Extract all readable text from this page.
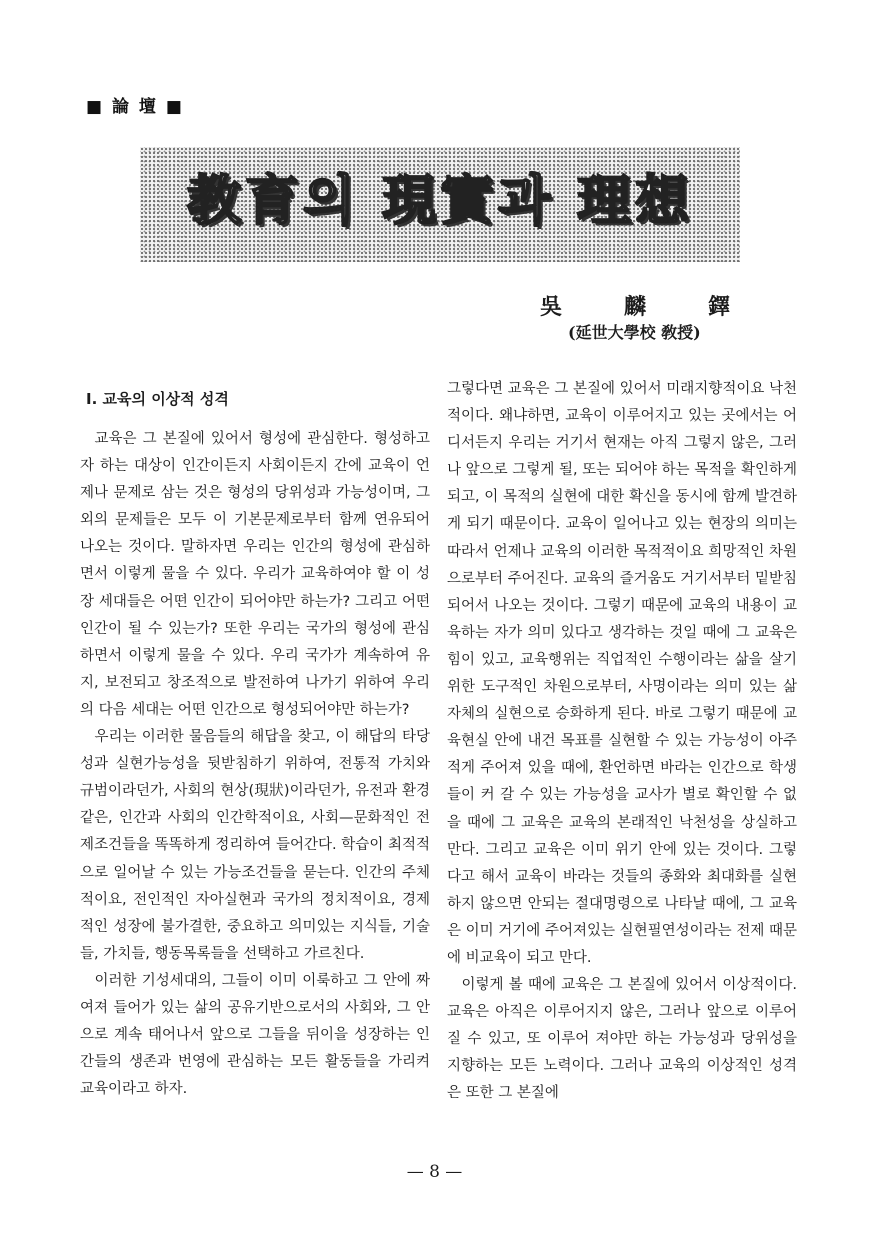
■ 論 壇 ■
教育의 現實과 理想
吳	麟	鐸
(延世大學校 敎授)
I. 교육의 이상적 성격

교육은 그 본질에 있어서 형성에 관심한다. 형성하고자 하는 대상이 인간이든지 사회이든지 간에 교육이 언제나 문제로 삼는 것은 형성의 당위성과 가능성이며, 그 외의 문제들은 모두 이 기본문제로부터 함께 연유되어 나오는 것이다. 말하자면 우리는 인간의 형성에 관심하면서 이렇게 물을 수 있다. 우리가 교육하여야 할 이 성장 세대들은 어떤 인간이 되어야만 하는가? 그리고 어떤 인간이 될 수 있는가? 또한 우리는 국가의 형성에 관심하면서 이렇게 물을 수 있다. 우리 국가가 계속하여 유지, 보전되고 창조적으로 발전하여 나가기 위하여 우리의 다음 세대는 어떤 인간으로 형성되어야만 하는가?

우리는 이러한 물음들의 해답을 찾고, 이 해답의 타당성과 실현가능성을 뒷받침하기 위하여, 전통적 가치와 규범이라던가, 사회의 현상(現狀)이라던가, 유전과 환경같은, 인간과 사회의 인간학적이요, 사회—문화적인 전제조건들을 똑똑하게 정리하여 들어간다. 학습이 최적적으로 일어날 수 있는 가능조건들을 묻는다. 인간의 주체적이요, 전인적인 자아실현과 국가의 정치적이요, 경제적인 성장에 불가결한, 중요하고 의미있는 지식들, 기술들, 가치들, 행동목록들을 선택하고 가르친다.

이러한 기성세대의, 그들이 이미 이룩하고 그 안에 짜여져 들어가 있는 삶의 공유기반으로서의 사회와, 그 안으로 계속 태어나서 앞으로 그들을 뒤이을 성장하는 인간들의 생존과 번영에 관심하는 모든 활동들을 가리켜 교육이라고 하자.

그렇다면 교육은 그 본질에 있어서 미래지향적이요 낙천적이다. 왜냐하면, 교육이 이루어지고 있는 곳에서는 어디서든지 우리는 거기서 현재는 아직 그렇지 않은, 그러나 앞으로 그렇게 될, 또는 되어야 하는 목적을 확인하게 되고, 이 목적의 실현에 대한 확신을 동시에 함께 발견하게 되기 때문이다. 교육이 일어나고 있는 현장의 의미는 따라서 언제나 교육의 이러한 목적적이요 희망적인 차원으로부터 주어진다. 교육의 즐거움도 거기서부터 밑받침되어서 나오는 것이다. 그렇기 때문에 교육의 내용이 교육하는 자가 의미 있다고 생각하는 것일 때에 그 교육은 힘이 있고, 교육행위는 직업적인 수행이라는 삶을 살기 위한 도구적인 차원으로부터, 사명이라는 의미 있는 삶자체의 실현으로 승화하게 된다. 바로 그렇기 때문에 교육현실 안에 내건 목표를 실현할 수 있는 가능성이 아주 적게 주어져 있을 때에, 환언하면 바라는 인간으로 학생들이 커 갈 수 있는 가능성을 교사가 별로 확인할 수 없을 때에 그 교육은 교육의 본래적인 낙천성을 상실하고 만다. 그리고 교육은 이미 위기 안에 있는 것이다. 그렇다고 해서 교육이 바라는 것들의 종화와 최대화를 실현하지 않으면 안되는 절대명령으로 나타날 때에, 그 교육은 이미 거기에 주어져있는 실현필연성이라는 전제 때문에 비교육이 되고 만다.

이렇게 볼 때에 교육은 그 본질에 있어서 이상적이다. 교육은 아직은 이루어지지 않은, 그러나 앞으로 이루어질 수 있고, 또 이루어 져야만 하는 가능성과 당위성을 지향하는 모든 노력이다. 그러나 교육의 이상적인 성격은 또한 그 본질에

— 8 —
